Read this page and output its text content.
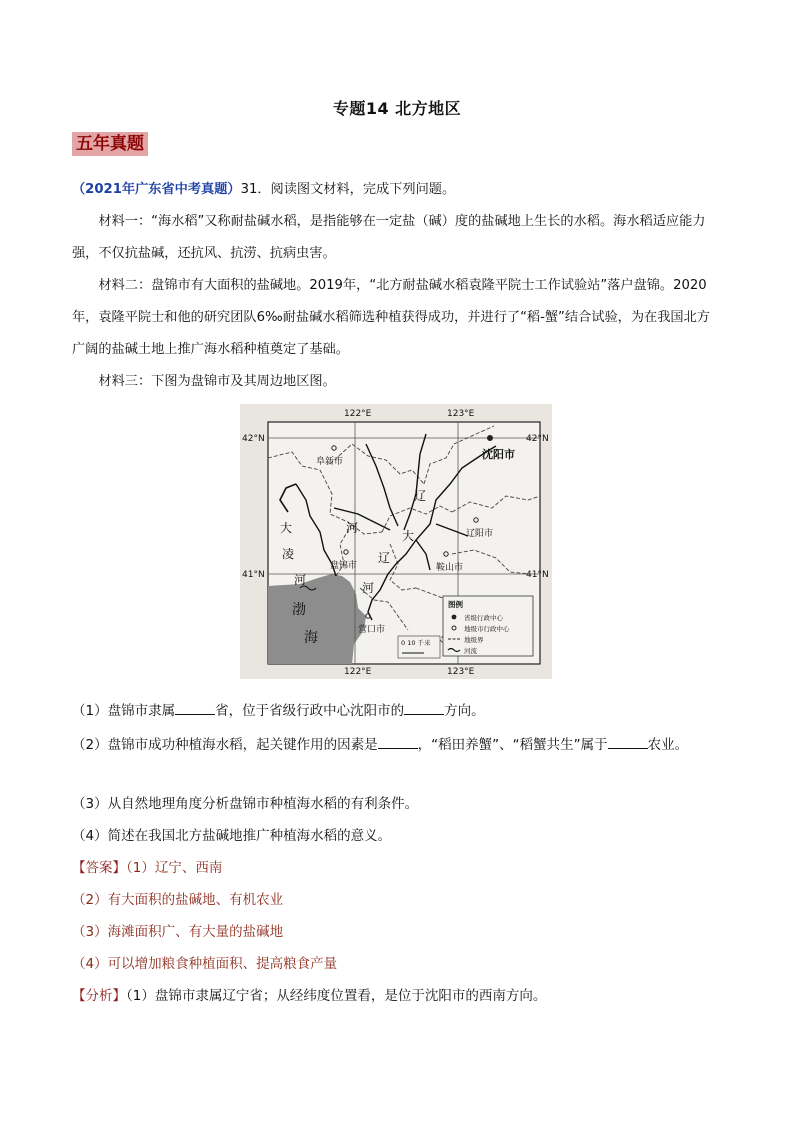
专题14 北方地区
五年真题
（2021年广东省中考真题）31．阅读图文材料，完成下列问题。
材料一：“海水稻”又称耐盐碱水稻，是指能够在一定盐（碱）度的盐碱地上生长的水稻。海水稻适应能力强，不仅抗盐碱，还抗风、抗涝、抗病虫害。
材料二：盘锦市有大面积的盐碱地。2019年，“北方耐盐碱水稻袁隆平院士工作试验站”落户盘锦。2020年，袁隆平院士和他的研究团队6‰耐盐碱水稻筛选种植获得成功，并进行了“稻-蟹”结合试验，为在我国北方广阔的盐碱土地上推广海水稻种植奠定了基础。
材料三：下图为盘锦市及其周边地区图。
122°E	123°E
122°E	123°E
42°N	42°N
41°N	41°N
阜新市
沈阳市
辽阳市
盘锦市	鞍山市
营口市
辽
河
大
辽
河
大
凌
河
渤
海	0 10 千米
图例
省级行政中心
地级市行政中心
地级界
河流
（1）盘锦市隶属	省，位于省级行政中心沈阳市的	方向。
（2）盘锦市成功种植海水稻，起关键作用的因素是	，“稻田养蟹”、“稻蟹共生”属于	农业。
（3）从自然地理角度分析盘锦市种植海水稻的有利条件。
（4）简述在我国北方盐碱地推广种植海水稻的意义。
【答案】（1）辽宁、西南
（2）有大面积的盐碱地、有机农业
（3）海滩面积广、有大量的盐碱地
（4）可以增加粮食种植面积、提高粮食产量
【分析】（1）盘锦市隶属辽宁省；从经纬度位置看，是位于沈阳市的西南方向。
